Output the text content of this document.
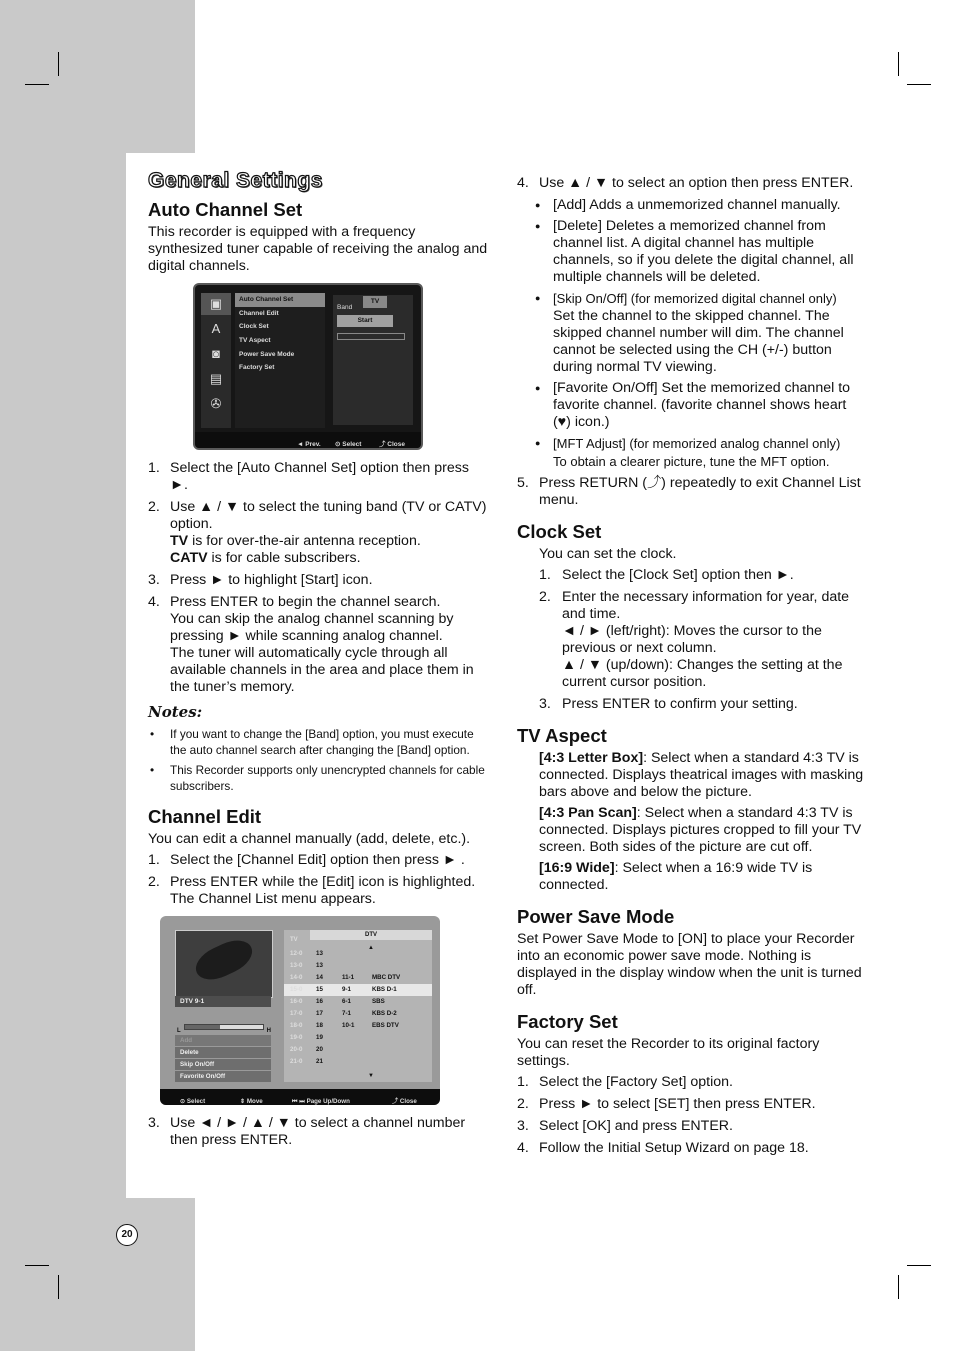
20
General Settings
Auto Channel Set

This recorder is equipped with a frequency synthesized tuner capable of receiving the analog and digital channels.

▣
A
◙
▤
✇
Auto Channel Set
Channel Edit
Clock Set
TV Aspect
Power Save Mode
Factory Set
Band
TV
Start
◄ Prev. ⊙ Select	⤴ Close
1. Select the [Auto Channel Set] option then press ►.
2. Use ▲ / ▼ to select the tuning band (TV or CATV) option.
TV is for over-the-air antenna reception.
CATV is for cable subscribers.
3. Press ► to highlight [Start] icon.
4. Press ENTER to begin the channel search.
You can skip the analog channel scanning by pressing ► while scanning analog channel.
The tuner will automatically cycle through all available channels in the area and place them in the tuner’s memory.
Notes:
• If you want to change the [Band] option, you must execute the auto channel search after changing the [Band] option.
• This Recorder supports only unencrypted channels for cable subscribers.
Channel Edit

You can edit a channel manually (add, delete, etc.).

1. Select the [Channel Edit] option then press ► .
2. Press ENTER while the [Edit] icon is highlighted. The Channel List menu appears.
DTV 9-1
L	H
Add
Delete
Skip On/Off
Favorite On/Off
TV
DTV
▲
12-0 13
13-0 13
14-0 14	11-1	MBC DTV
15-0 15	9-1	KBS D-1
16-0 16	6-1	SBS
17-0 17	7-1	KBS D-2
18-0 18	10-1	EBS DTV
19-0 19
20-0 20
21-0 21
▼
⊙ Select	⇕ Move	⏮ ⏭ Page Up/Down	⤴ Close
3. Use ◄ / ► / ▲ / ▼ to select a channel number then press ENTER.
4. Use ▲ / ▼ to select an option then press ENTER.
● [Add] Adds a unmemorized channel manually.
● [Delete] Deletes a memorized channel from channel list. A digital channel has multiple channels, so if you delete the digital channel, all multiple channels will be deleted.
● [Skip On/Off] (for memorized digital channel only)
Set the channel to the skipped channel. The skipped channel number will dim. The channel cannot be selected using the CH (+/-) button during normal TV viewing.
● [Favorite On/Off] Set the memorized channel to favorite channel. (favorite channel shows heart (♥) icon.)
● [MFT Adjust] (for memorized analog channel only)
To obtain a clearer picture, tune the MFT option.
5. Press RETURN (⤴) repeatedly to exit Channel List menu.
Clock Set

You can set the clock.

1. Select the [Clock Set] option then ►.
2. Enter the necessary information for year, date and time.
◄ / ► (left/right): Moves the cursor to the previous or next column.
▲ / ▼ (up/down): Changes the setting at the current cursor position.
3. Press ENTER to confirm your setting.
TV Aspect

[4:3 Letter Box]: Select when a standard 4:3 TV is connected. Displays theatrical images with masking bars above and below the picture.

[4:3 Pan Scan]: Select when a standard 4:3 TV is connected. Displays pictures cropped to fill your TV screen. Both sides of the picture are cut off.

[16:9 Wide]: Select when a 16:9 wide TV is connected.

Power Save Mode

Set Power Save Mode to [ON] to place your Recorder into an economic power save mode. Nothing is displayed in the display window when the unit is turned off.

Factory Set

You can reset the Recorder to its original factory settings.

1. Select the [Factory Set] option.
2. Press ► to select [SET] then press ENTER.
3. Select [OK] and press ENTER.
4. Follow the Initial Setup Wizard on page 18.
